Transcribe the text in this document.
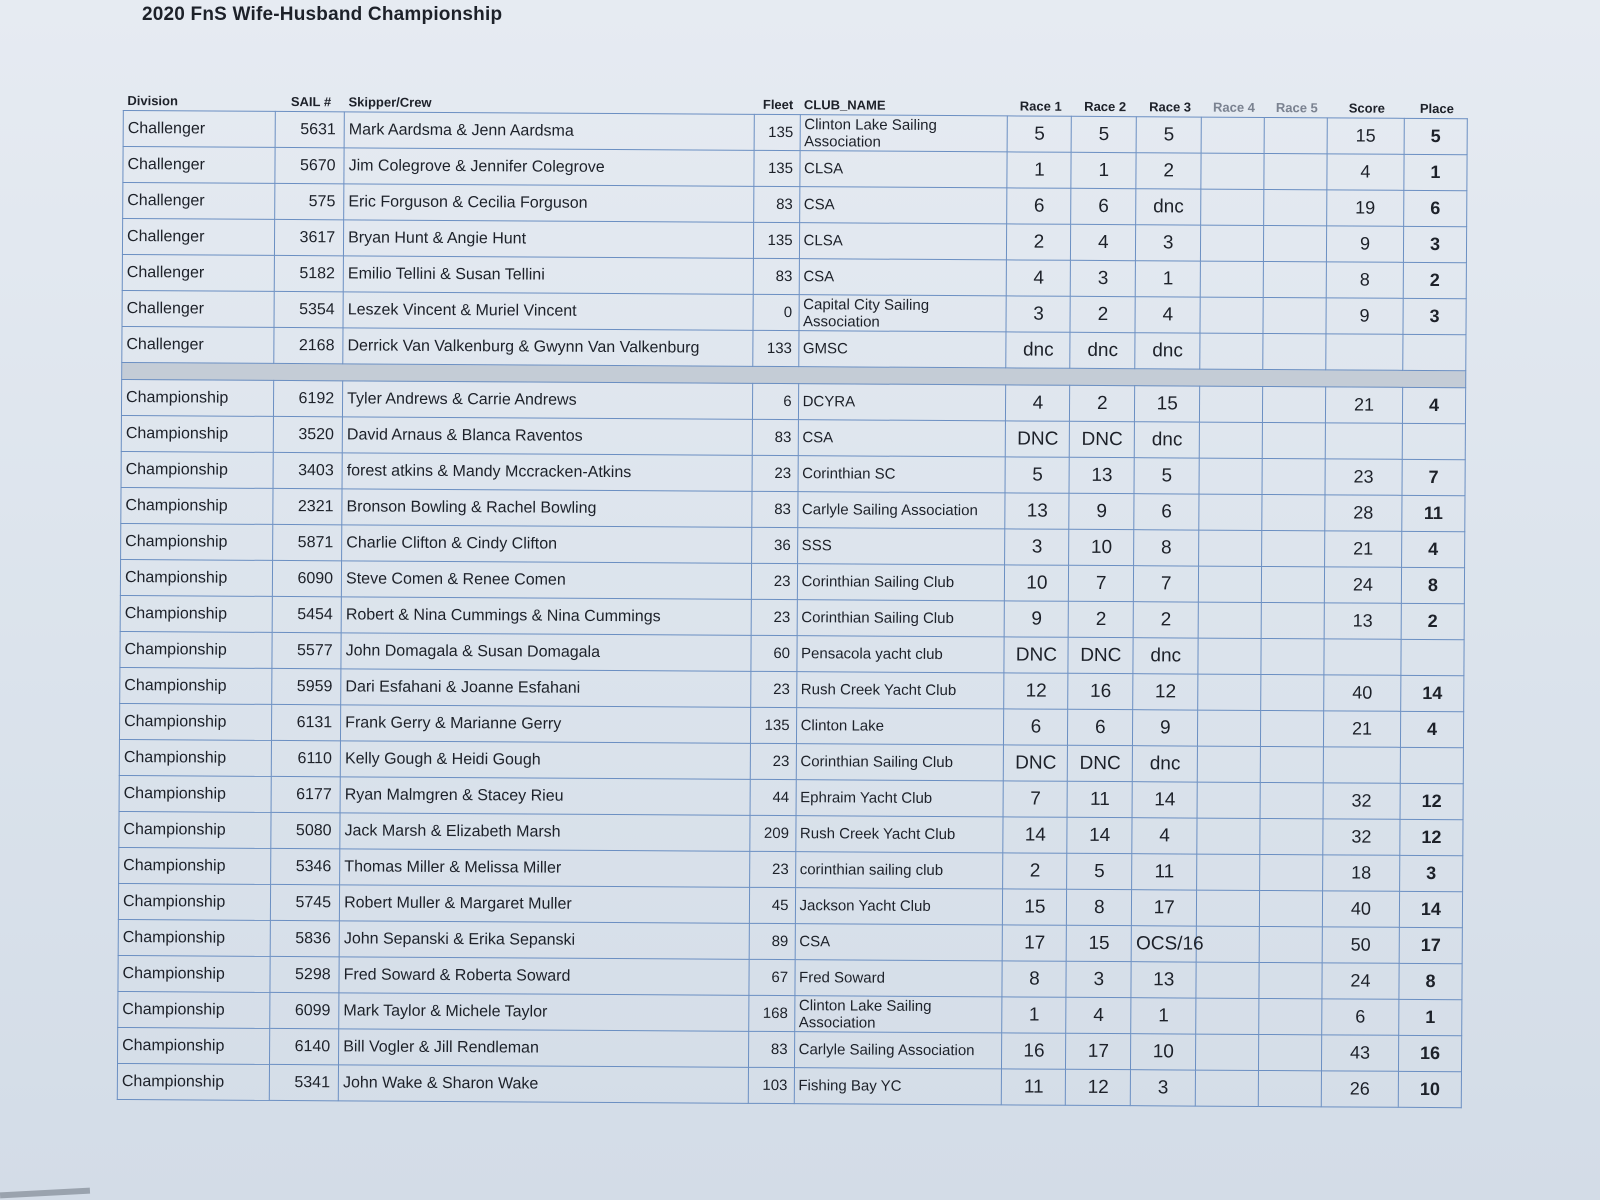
2020 FnS Wife-Husband Championship
Division	SAIL #	Skipper/Crew	Fleet	CLUB_NAME	Race 1	Race 2	Race 3	Race 4	Race 5	Score	Place
Challenger	5631	Mark Aardsma & Jenn Aardsma	135	Clinton Lake Sailing Association	5	5	5			15	5
Challenger	5670	Jim Colegrove & Jennifer Colegrove	135	CLSA	1	1	2			4	1
Challenger	575	Eric Forguson & Cecilia Forguson	83	CSA	6	6	dnc			19	6
Challenger	3617	Bryan Hunt & Angie Hunt	135	CLSA	2	4	3			9	3
Challenger	5182	Emilio Tellini & Susan Tellini	83	CSA	4	3	1			8	2
Challenger	5354	Leszek Vincent & Muriel Vincent	0	Capital City Sailing Association	3	2	4			9	3
Challenger	2168	Derrick Van Valkenburg & Gwynn Van Valkenburg	133	GMSC	dnc	dnc	dnc				

Championship	6192	Tyler Andrews & Carrie Andrews	6	DCYRA	4	2	15			21	4
Championship	3520	David Arnaus & Blanca Raventos	83	CSA	DNC	DNC	dnc				
Championship	3403	forest atkins & Mandy Mccracken-Atkins	23	Corinthian SC	5	13	5			23	7
Championship	2321	Bronson Bowling & Rachel Bowling	83	Carlyle Sailing Association	13	9	6			28	11
Championship	5871	Charlie Clifton & Cindy Clifton	36	SSS	3	10	8			21	4
Championship	6090	Steve Comen & Renee Comen	23	Corinthian Sailing Club	10	7	7			24	8
Championship	5454	Robert & Nina Cummings & Nina Cummings	23	Corinthian Sailing Club	9	2	2			13	2
Championship	5577	John Domagala & Susan Domagala	60	Pensacola yacht club	DNC	DNC	dnc				
Championship	5959	Dari Esfahani & Joanne Esfahani	23	Rush Creek Yacht Club	12	16	12			40	14
Championship	6131	Frank Gerry & Marianne Gerry	135	Clinton Lake	6	6	9			21	4
Championship	6110	Kelly Gough & Heidi Gough	23	Corinthian Sailing Club	DNC	DNC	dnc				
Championship	6177	Ryan Malmgren & Stacey Rieu	44	Ephraim Yacht Club	7	11	14			32	12
Championship	5080	Jack Marsh & Elizabeth Marsh	209	Rush Creek Yacht Club	14	14	4			32	12
Championship	5346	Thomas Miller & Melissa Miller	23	corinthian sailing club	2	5	11			18	3
Championship	5745	Robert Muller & Margaret Muller	45	Jackson Yacht Club	15	8	17			40	14
Championship	5836	John Sepanski & Erika Sepanski	89	CSA	17	15	OCS/16			50	17
Championship	5298	Fred Soward & Roberta Soward	67	Fred Soward	8	3	13			24	8
Championship	6099	Mark Taylor & Michele Taylor	168	Clinton Lake Sailing Association	1	4	1			6	1
Championship	6140	Bill Vogler & Jill Rendleman	83	Carlyle Sailing Association	16	17	10			43	16
Championship	5341	John Wake & Sharon Wake	103	Fishing Bay YC	11	12	3			26	10
